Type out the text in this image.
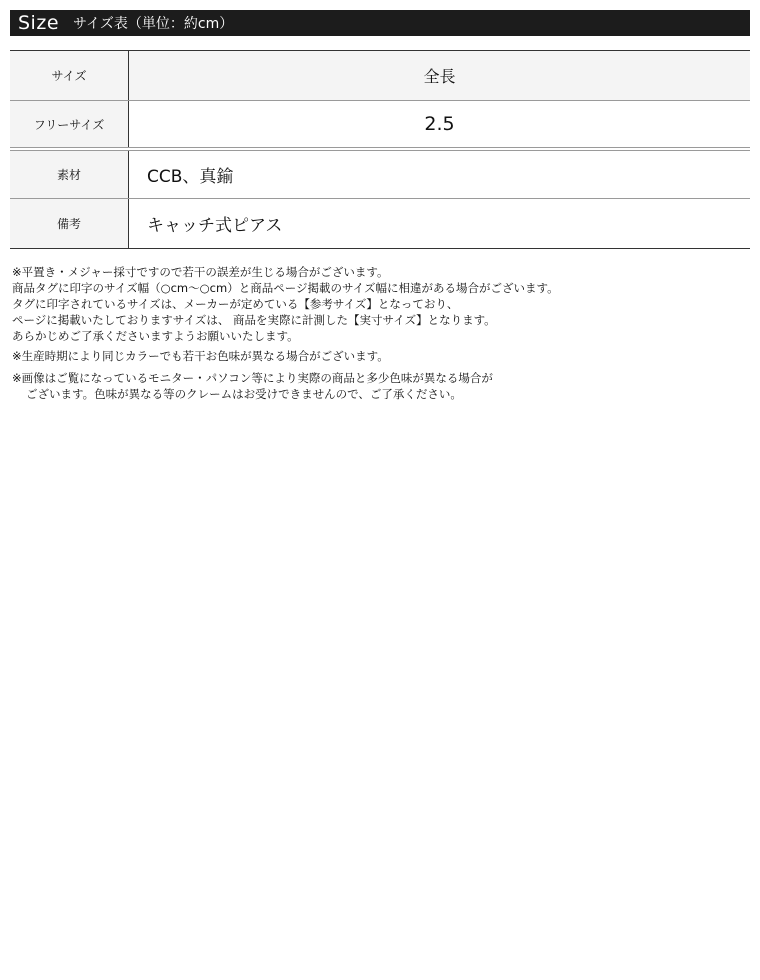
Size サイズ表（単位：約cm）
サイズ	全長
フリーサイズ	2.5
素材	CCB、真鍮
備考	キャッチ式ピアス

※平置き・メジャー採寸ですので若干の誤差が生じる場合がございます。

商品タグに印字のサイズ幅（○cm〜○cm）と商品ページ掲載のサイズ幅に相違がある場合がございます。

タグに印字されているサイズは、メーカーが定めている【参考サイズ】となっており、

ページに掲載いたしておりますサイズは、 商品を実際に計測した【実寸サイズ】となります。

あらかじめご了承くださいますようお願いいたします。

※生産時期により同じカラーでも若干お色味が異なる場合がございます。

※画像はご覧になっているモニター・パソコン等により実際の商品と多少色味が異なる場合が

ございます。色味が異なる等のクレームはお受けできませんので、ご了承ください。
